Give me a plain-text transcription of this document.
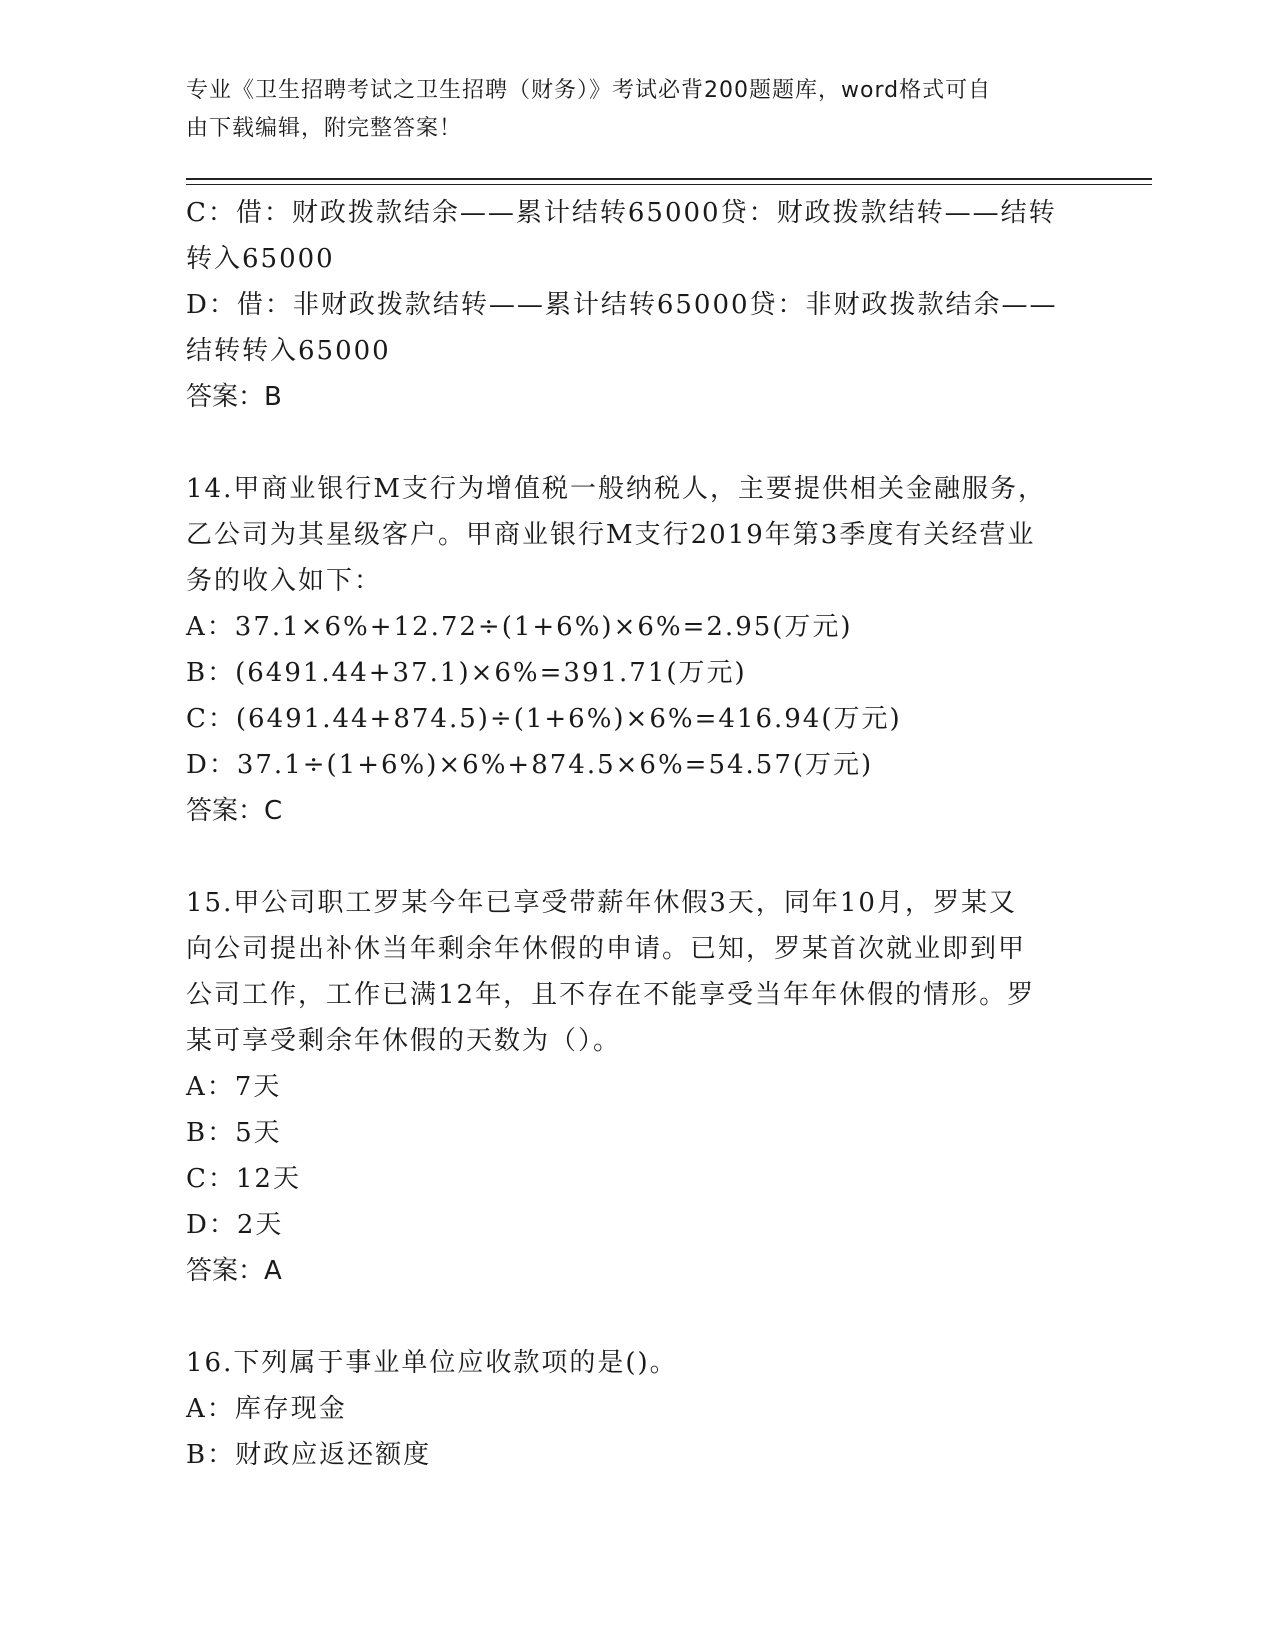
专业《卫生招聘考试之卫生招聘（财务）》考试必背200题题库，word格式可自
由下载编辑，附完整答案！
C：借：财政拨款结余——累计结转65000贷：财政拨款结转——结转
转入65000
D：借：非财政拨款结转——累计结转65000贷：非财政拨款结余——
结转转入65000
答案：B
14.甲商业银行M支行为增值税一般纳税人，主要提供相关金融服务，
乙公司为其星级客户。甲商业银行M支行2019年第3季度有关经营业
务的收入如下：
A：37.1×6%+12.72÷(1+6%)×6%=2.95(万元)
B：(6491.44+37.1)×6%=391.71(万元)
C：(6491.44+874.5)÷(1+6%)×6%=416.94(万元)
D：37.1÷(1+6%)×6%+874.5×6%=54.57(万元)
答案：C
15.甲公司职工罗某今年已享受带薪年休假3天，同年10月，罗某又
向公司提出补休当年剩余年休假的申请。已知，罗某首次就业即到甲
公司工作，工作已满12年，且不存在不能享受当年年休假的情形。罗
某可享受剩余年休假的天数为（）。
A：7天
B：5天
C：12天
D：2天
答案：A
16.下列属于事业单位应收款项的是()。
A：库存现金
B：财政应返还额度
